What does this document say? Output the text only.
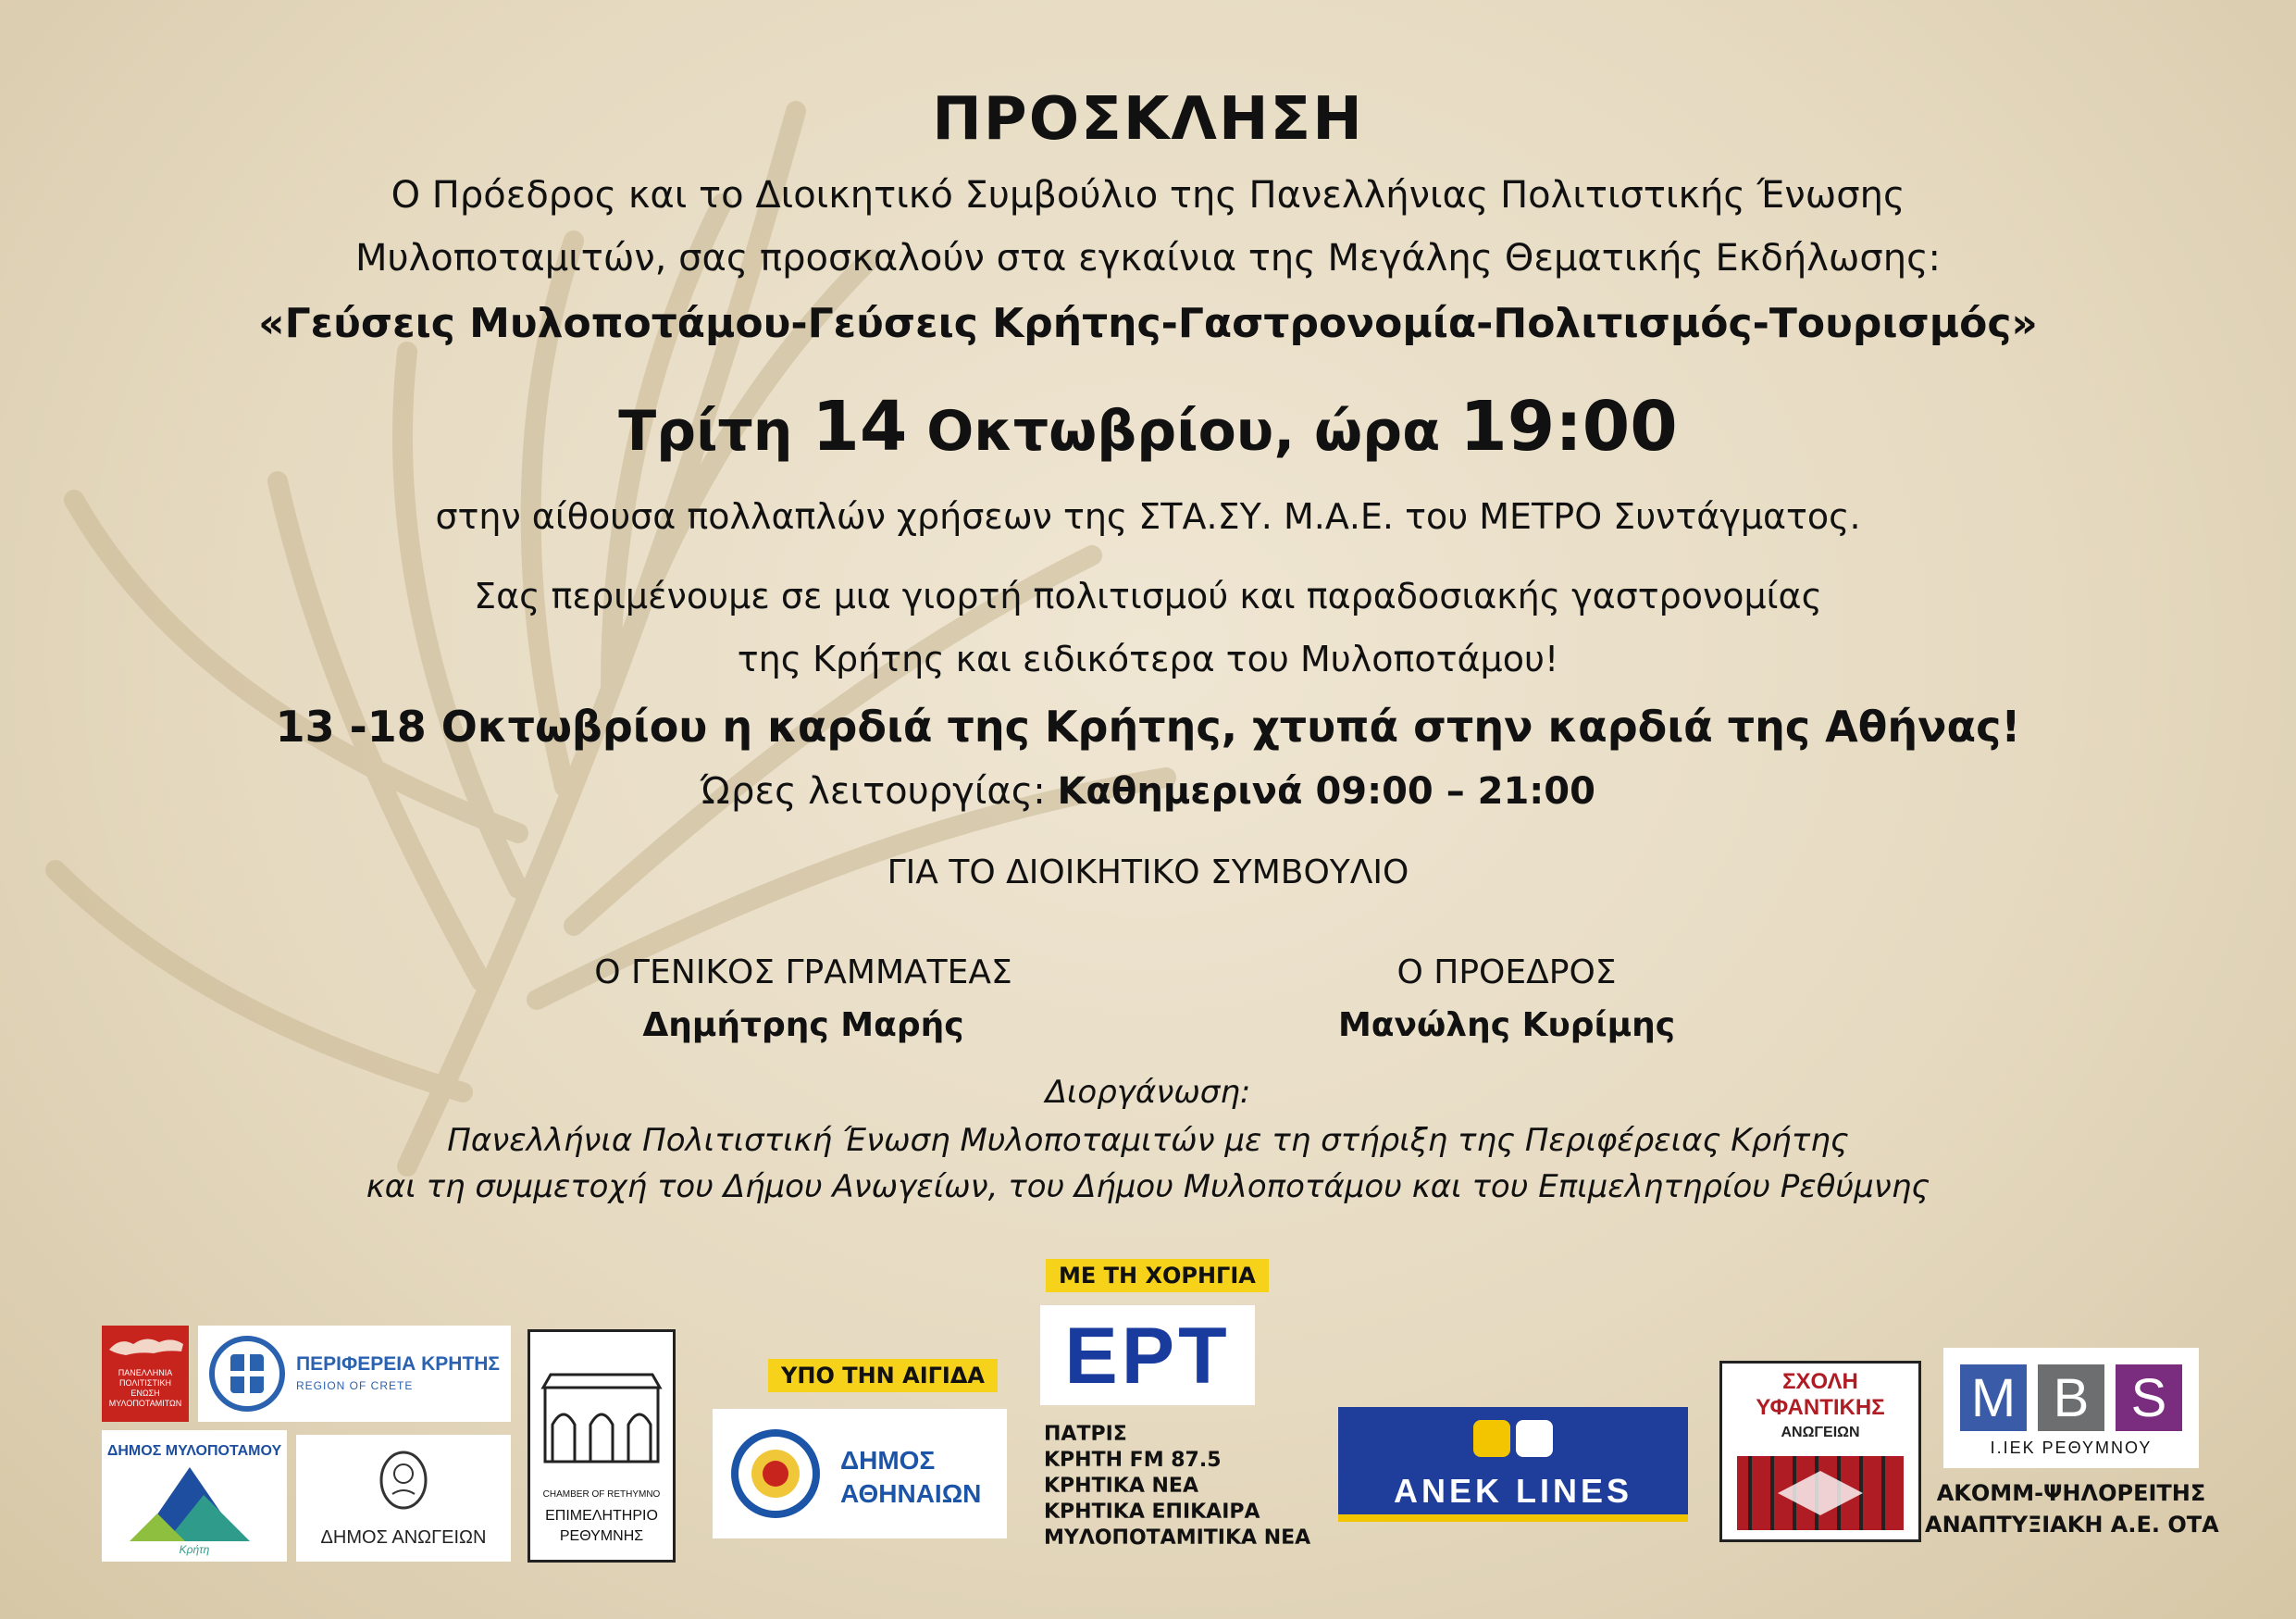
ΠΡΟΣΚΛΗΣΗ
Ο Πρόεδρος και το Διοικητικό Συμβούλιο της Πανελλήνιας Πολιτιστικής Ένωσης
Μυλοποταμιτών, σας προσκαλούν στα εγκαίνια της Μεγάλης Θεματικής Εκδήλωσης:
«Γεύσεις Μυλοποτάμου-Γεύσεις Κρήτης-Γαστρονομία-Πολιτισμός-Τουρισμός»
Τρίτη 14 Οκτωβρίου, ώρα 19:00
στην αίθουσα πολλαπλών χρήσεων της ΣΤΑ.ΣΥ. Μ.Α.Ε. του ΜΕΤΡΟ Συντάγματος.
Σας περιμένουμε σε μια γιορτή πολιτισμού και παραδοσιακής γαστρονομίας
της Κρήτης και ειδικότερα του Μυλοποτάμου!
13 -18 Οκτωβρίου η καρδιά της Κρήτης, χτυπά στην καρδιά της Αθήνας!
Ώρες λειτουργίας: Καθημερινά 09:00 – 21:00
ΓΙΑ ΤΟ ΔΙΟΙΚΗΤΙΚΟ ΣΥΜΒΟΥΛΙΟ
Ο ΓΕΝΙΚΟΣ ΓΡΑΜΜΑΤΕΑΣ
Δημήτρης Μαρής
Ο ΠΡΟΕΔΡΟΣ
Μανώλης Κυρίμης
Διοργάνωση:
Πανελλήνια Πολιτιστική Ένωση Μυλοποταμιτών με τη στήριξη της Περιφέρειας Κρήτης
και τη συμμετοχή του Δήμου Ανωγείων, του Δήμου Μυλοποτάμου και του Επιμελητηρίου Ρεθύμνης
ΠΑΝΕΛΛΗΝΙΑ ΠΟΛΙΤΙΣΤΙΚΗ ΕΝΩΣΗ ΜΥΛΟΠΟΤΑΜΙΤΩΝ
ΠΕΡΙΦΕΡΕΙΑ ΚΡΗΤΗΣ
REGION OF CRETE
ΔΗΜΟΣ ΜΥΛΟΠΟΤΑΜΟΥ
Κρήτη
ΔΗΜΟΣ ΑΝΩΓΕΙΩΝ
CHAMBER OF RETHYMNO
ΕΠΙΜΕΛΗΤΗΡΙΟ
ΡΕΘΥΜΝΗΣ
ΥΠΟ ΤΗΝ ΑΙΓΙΔΑ
ΔΗΜΟΣ
ΑΘΗΝΑΙΩΝ
ΜΕ ΤΗ ΧΟΡΗΓΙΑ
ΕΡΤ
ΠΑΤΡΙΣ
ΚΡΗΤΗ FM 87.5
ΚΡΗΤΙΚΑ ΝΕΑ
ΚΡΗΤΙΚΑ ΕΠΙΚΑΙΡΑ
ΜΥΛΟΠΟΤΑΜΙΤΙΚΑ ΝΕΑ
ANEK LINES
ΣΧΟΛΗ
ΥΦΑΝΤΙΚΗΣ
ΑΝΩΓΕΙΩΝ
M B S
Ι.ΙΕΚ ΡΕΘΥΜΝΟΥ
ΑΚΟΜΜ-ΨΗΛΟΡΕΙΤΗΣ
ΑΝΑΠΤΥΞΙΑΚΗ Α.Ε. ΟΤΑ
